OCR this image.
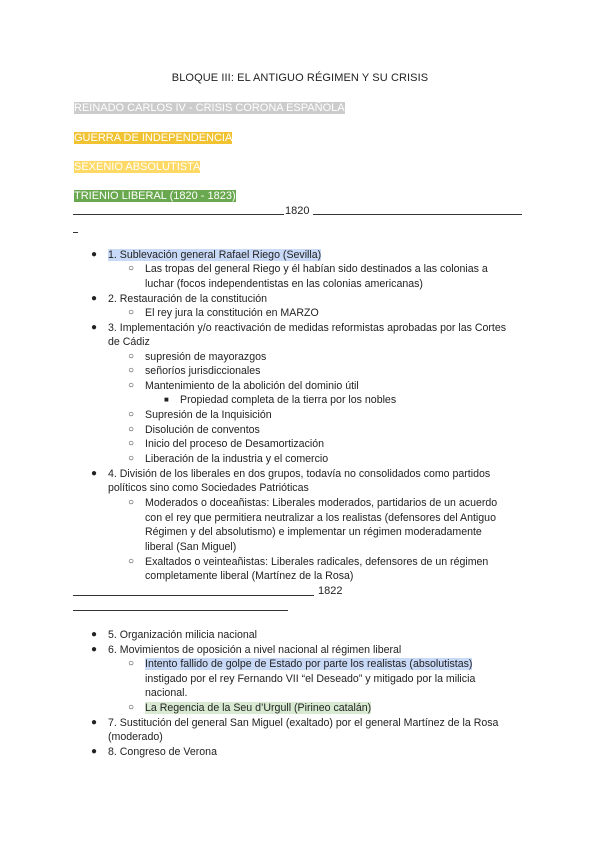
BLOQUE III: EL ANTIGUO RÉGIMEN Y SU CRISIS
REINADO CARLOS IV - CRISIS CORONA ESPAÑOLA
GUERRA DE INDEPENDENCIA
SEXENIO ABSOLUTISTA
TRIENIO LIBERAL (1820 - 1823)
1820
● 1. Sublevación general Rafael Riego (Sevilla)
○ Las tropas del general Riego y él habían sido destinados a las colonias a
luchar (focos independentistas en las colonias americanas)
● 2. Restauración de la constitución
○ El rey jura la constitución en MARZO
● 3. Implementación y/o reactivación de medidas reformistas aprobadas por las Cortes
de Cádiz
○ supresión de mayorazgos
○ señoríos jurisdiccionales
○ Mantenimiento de la abolición del dominio útil
■ Propiedad completa de la tierra por los nobles
○ Supresión de la Inquisición
○ Disolución de conventos
○ Inicio del proceso de Desamortización
○ Liberación de la industria y el comercio
● 4. División de los liberales en dos grupos, todavía no consolidados como partidos
políticos sino como Sociedades Patrióticas
○ Moderados o doceañistas: Liberales moderados, partidarios de un acuerdo
con el rey que permitiera neutralizar a los realistas (defensores del Antiguo
Régimen y del absolutismo) e implementar un régimen moderadamente
liberal (San Miguel)
○ Exaltados o veinteañistas: Liberales radicales, defensores de un régimen
completamente liberal (Martínez de la Rosa)
1822
● 5. Organización milicia nacional
● 6. Movimientos de oposición a nivel nacional al régimen liberal
○ Intento fallido de golpe de Estado por parte los realistas (absolutistas)
instigado por el rey Fernando VII “el Deseado” y mitigado por la milicia
nacional.
○ La Regencia de la Seu d’Urgull (Pirineo catalán)
● 7. Sustitución del general San Miguel (exaltado) por el general Martínez de la Rosa
(moderado)
● 8. Congreso de Verona
